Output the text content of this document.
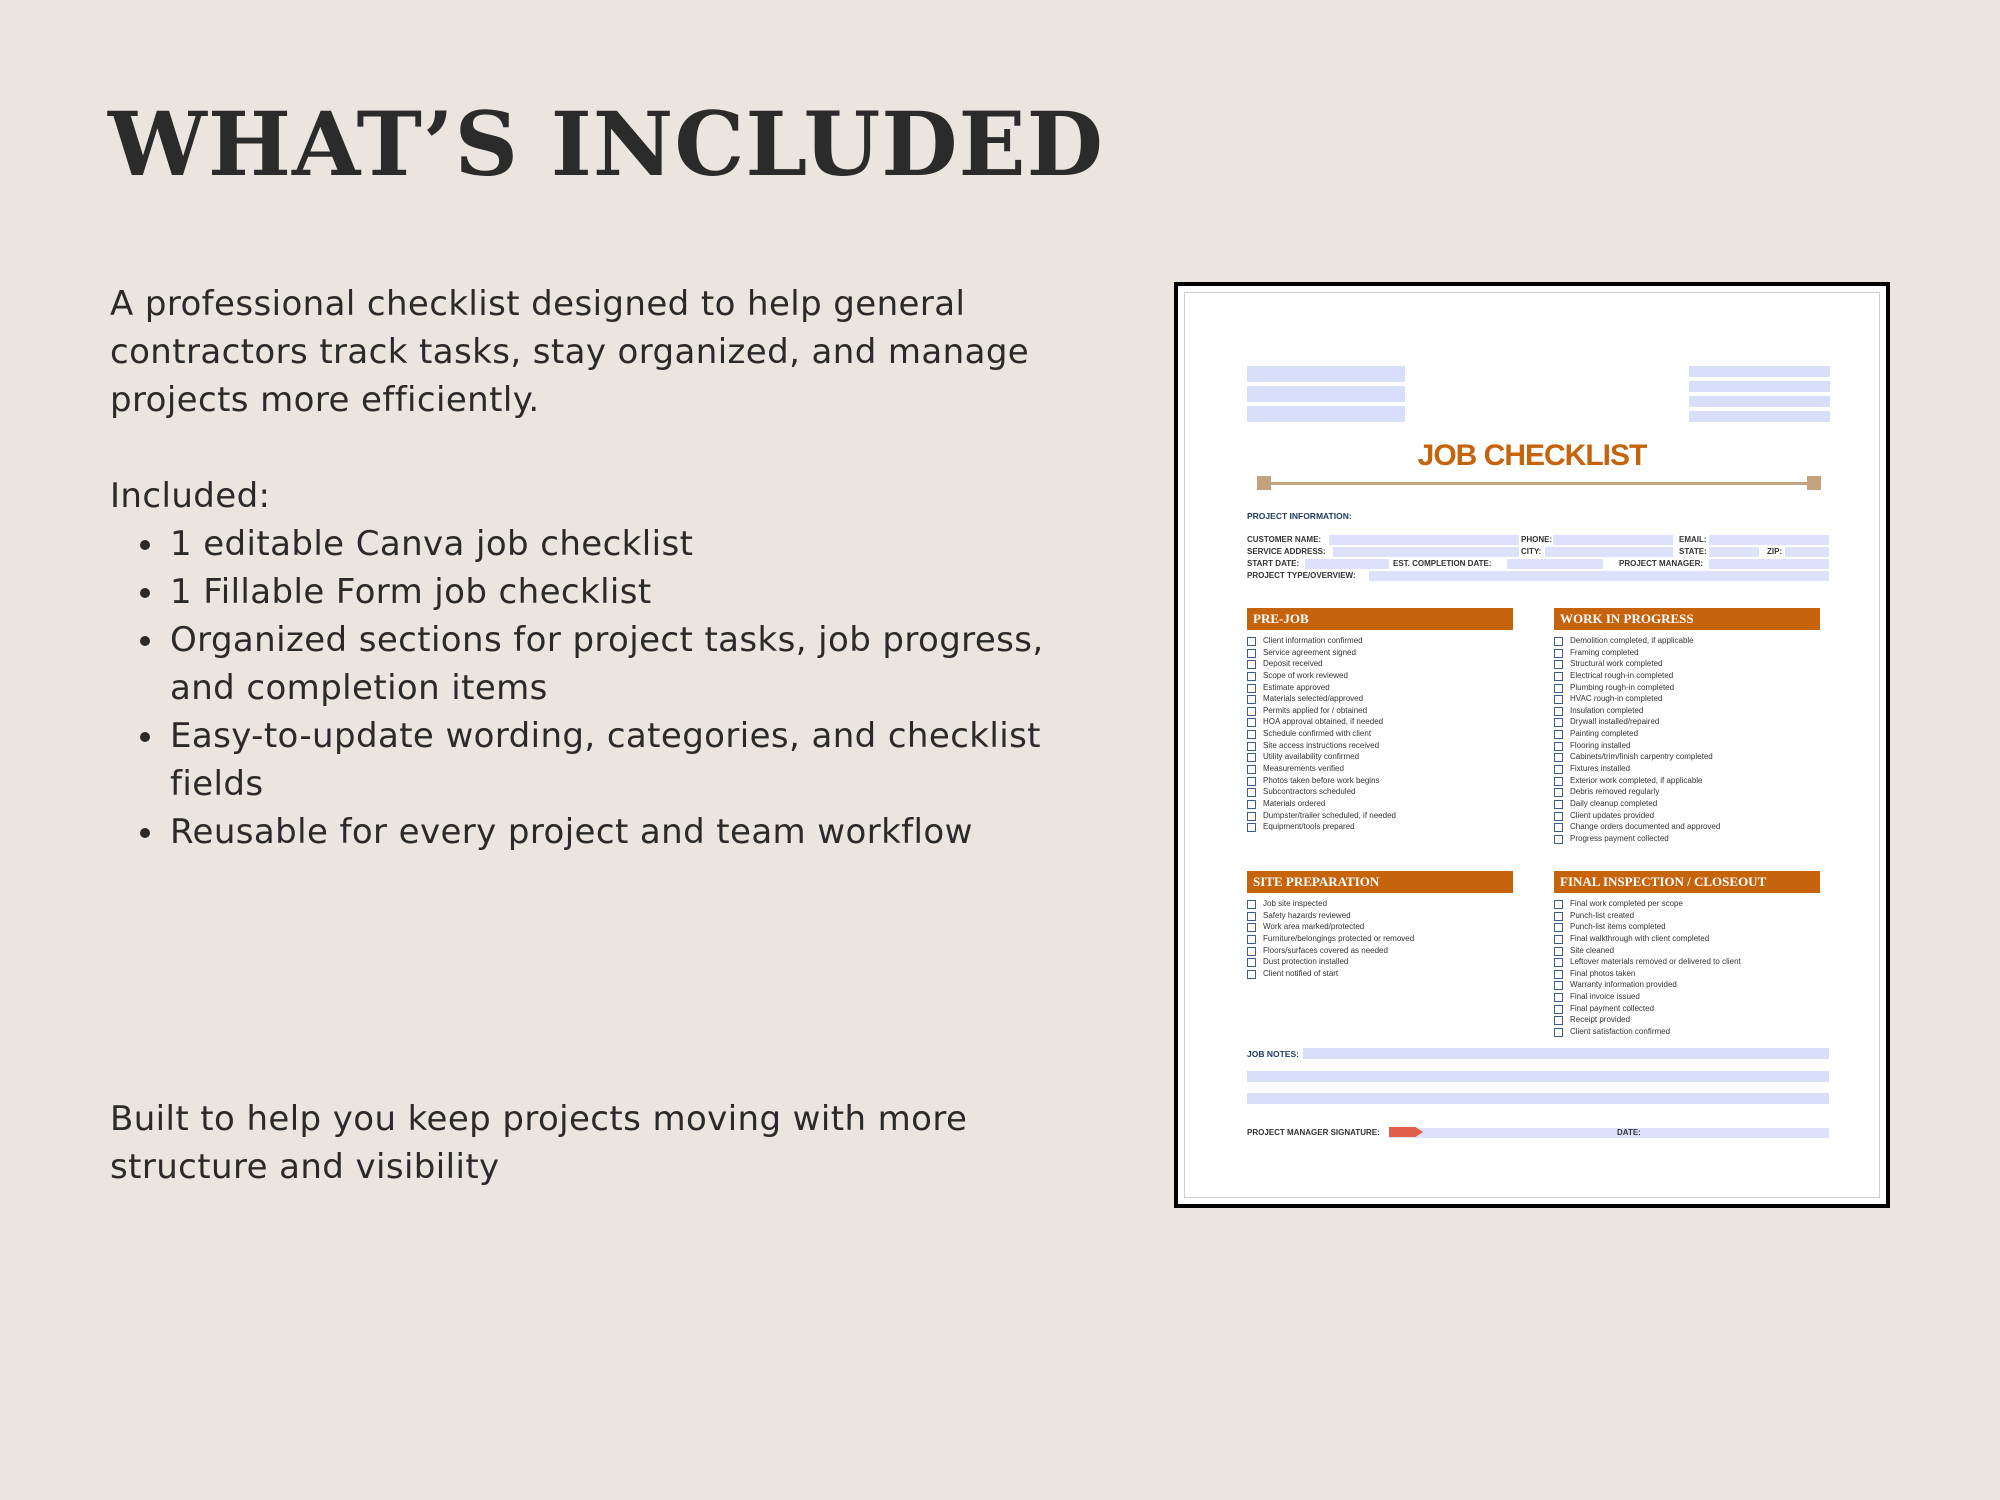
WHAT’S INCLUDED
A professional checklist designed to help general contractors track tasks, stay organized, and manage projects more efficiently.
Included:
1 editable Canva job checklist
1 Fillable Form job checklist
Organized sections for project tasks, job progress, and completion items
Easy-to-update wording, categories, and checklist fields
Reusable for every project and team workflow
Built to help you keep projects moving with more structure and visibility
JOB CHECKLIST
PROJECT INFORMATION:
CUSTOMER NAME:	PHONE:	EMAIL:
SERVICE ADDRESS:	CITY:	STATE:	ZIP:
START DATE:	EST. COMPLETION DATE:	PROJECT MANAGER:
PROJECT TYPE/OVERVIEW:
PRE-JOB
Client information confirmed
Service agreement signed
Deposit received
Scope of work reviewed
Estimate approved
Materials selected/approved
Permits applied for / obtained
HOA approval obtained, if needed
Schedule confirmed with client
Site access instructions received
Utility availability confirmed
Measurements verified
Photos taken before work begins
Subcontractors scheduled
Materials ordered
Dumpster/trailer scheduled, if needed
Equipment/tools prepared
WORK IN PROGRESS
Demolition completed, if applicable
Framing completed
Structural work completed
Electrical rough-in completed
Plumbing rough-in completed
HVAC rough-in completed
Insulation completed
Drywall installed/repaired
Painting completed
Flooring installed
Cabinets/trim/finish carpentry completed
Fixtures installed
Exterior work completed, if applicable
Debris removed regularly
Daily cleanup completed
Client updates provided
Change orders documented and approved
Progress payment collected
SITE PREPARATION
Job site inspected
Safety hazards reviewed
Work area marked/protected
Furniture/belongings protected or removed
Floors/surfaces covered as needed
Dust protection installed
Client notified of start
FINAL INSPECTION / CLOSEOUT
Final work completed per scope
Punch-list created
Punch-list items completed
Final walkthrough with client completed
Site cleaned
Leftover materials removed or delivered to client
Final photos taken
Warranty information provided
Final invoice issued
Final payment collected
Receipt provided
Client satisfaction confirmed
JOB NOTES:
PROJECT MANAGER SIGNATURE:	DATE:
